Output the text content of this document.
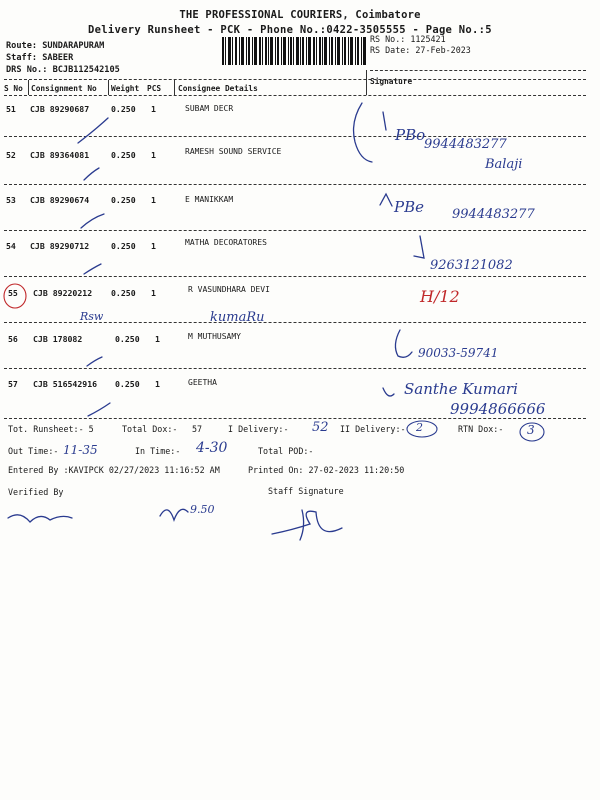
THE PROFESSIONAL COURIERS, Coimbatore
Delivery Runsheet - PCK - Phone No.:0422-3505555 - Page No.:5
Route: SUNDARAPURAM
Staff: SABEER
DRS No.: BCJB112542105
RS No.: 1125421
RS Date: 27-Feb-2023
Signature
S No Consignment No Weight PCS Consignee Details
51 CJB 89290687	0.250 1	SUBAM DECR
52 CJB 89364081	0.250 1	RAMESH SOUND SERVICE
53 CJB 89290674	0.250 1	E MANIKKAM
54 CJB 89290712	0.250 1	MATHA DECORATORES
55 CJB 89220212 0.250 1	R VASUNDHARA DEVI
56 CJB 178082	0.250 1	M MUTHUSAMY
57 CJB 516542916 0.250 1	GEETHA
Tot. Runsheet:- 5	Total Dox:- 57	I Delivery:-	II Delivery:-	RTN Dox:-
Out Time:-	In Time:-	Total POD:-
Entered By :KAVIPCK 02/27/2023 11:16:52 AM	Printed On: 27-02-2023 11:20:50
Verified By	Staff Signature
PBo
9944483277
Balaji
PBe 9944483277
9263121082
H/12
Rsw	kumaRu
90033-59741
Santhe Kumari
9994866666
52	2	3
11-35	4-30
9.50
